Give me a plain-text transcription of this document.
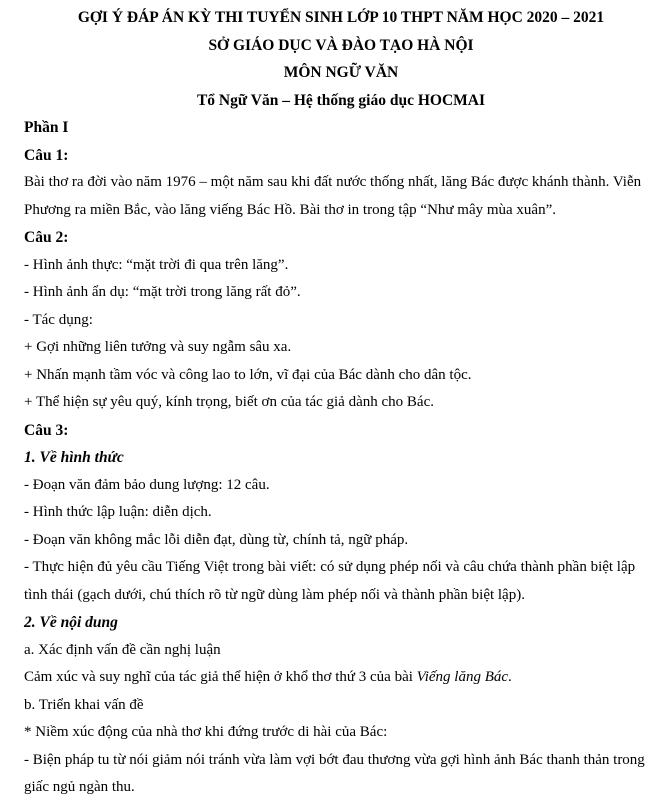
GỢI Ý ĐÁP ÁN KỲ THI TUYỂN SINH LỚP 10 THPT NĂM HỌC 2020 – 2021
SỞ GIÁO DỤC VÀ ĐÀO TẠO HÀ NỘI
MÔN NGỮ VĂN
Tổ Ngữ Văn – Hệ thống giáo dục HOCMAI
Phần I
Câu 1:

Bài thơ ra đời vào năm 1976 – một năm sau khi đất nước thống nhất, lăng Bác được khánh thành. Viễn Phương ra miền Bắc, vào lăng viếng Bác Hồ. Bài thơ in trong tập “Như mây mùa xuân”.

Câu 2:
- Hình ảnh thực: “mặt trời đi qua trên lăng”.
- Hình ảnh ẩn dụ: “mặt trời trong lăng rất đỏ”.
- Tác dụng:
+ Gợi những liên tưởng và suy ngẫm sâu xa.
+ Nhấn mạnh tầm vóc và công lao to lớn, vĩ đại của Bác dành cho dân tộc.
+ Thể hiện sự yêu quý, kính trọng, biết ơn của tác giả dành cho Bác.
Câu 3:
1. Về hình thức
- Đoạn văn đảm bảo dung lượng: 12 câu.
- Hình thức lập luận: diễn dịch.
- Đoạn văn không mắc lỗi diễn đạt, dùng từ, chính tả, ngữ pháp.

- Thực hiện đủ yêu cầu Tiếng Việt trong bài viết: có sử dụng phép nối và câu chứa thành phần biệt lập tình thái (gạch dưới, chú thích rõ từ ngữ dùng làm phép nối và thành phần biệt lập).

2. Về nội dung
a. Xác định vấn đề cần nghị luận
Cảm xúc và suy nghĩ của tác giả thể hiện ở khổ thơ thứ 3 của bài Viếng lăng Bác.
b. Triển khai vấn đề
* Niềm xúc động của nhà thơ khi đứng trước di hài của Bác:

- Biện pháp tu từ nói giảm nói tránh vừa làm vợi bớt đau thương vừa gợi hình ảnh Bác thanh thản trong giấc ngủ ngàn thu.
